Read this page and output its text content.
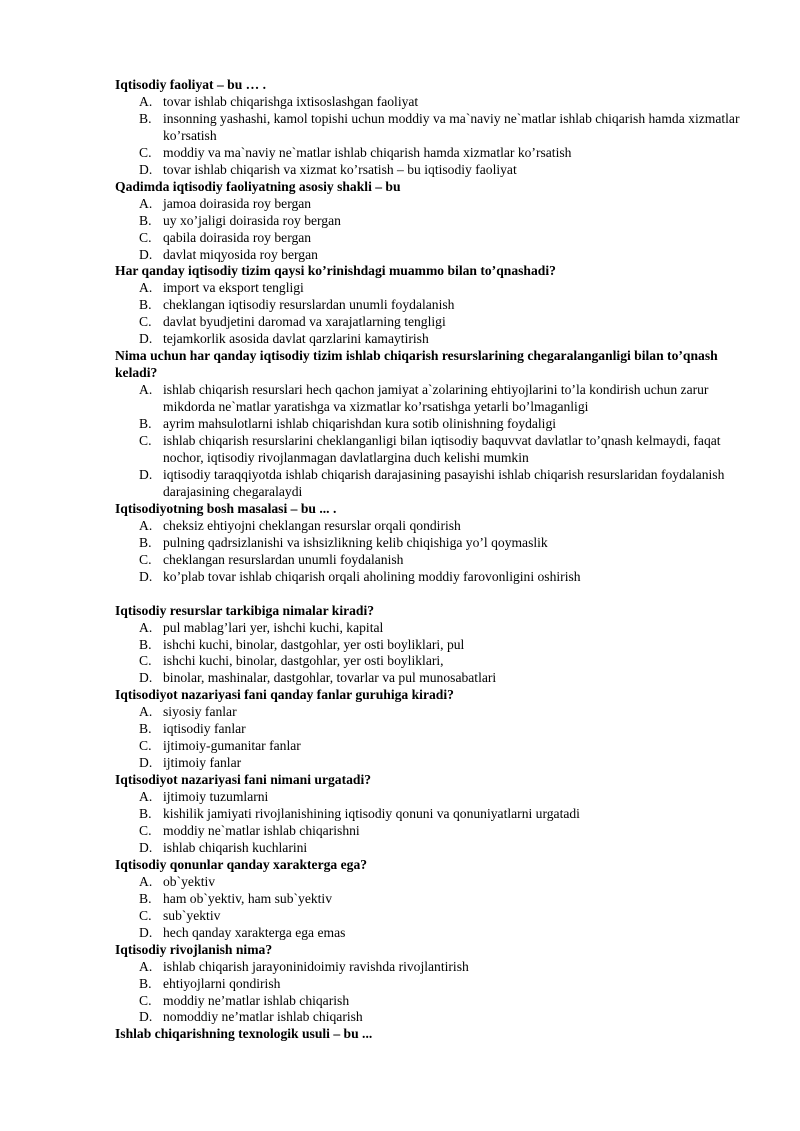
Iqtisodiy faoliyat – bu … .

A. tovar ishlab chiqarishga ixtisoslashgan faoliyat
B. insonning yashashi, kamol topishi uchun moddiy va ma`naviy ne`matlar ishlab chiqarish hamda xizmatlar ko’rsatish
C. moddiy va ma`naviy ne`matlar ishlab chiqarish hamda xizmatlar ko’rsatish
D. tovar ishlab chiqarish va xizmat ko’rsatish – bu iqtisodiy faoliyat

Qadimda iqtisodiy faoliyatning asosiy shakli – bu

A. jamoa doirasida roy bergan
B. uy xo’jaligi doirasida roy bergan
C. qabila doirasida roy bergan
D. davlat miqyosida roy bergan

Har qanday iqtisodiy tizim qaysi ko’rinishdagi muammo bilan to’qnashadi?

A. import va eksport tengligi
B. cheklangan iqtisodiy resurslardan unumli foydalanish
C. davlat byudjetini daromad va xarajatlarning tengligi
D. tejamkorlik asosida davlat qarzlarini kamaytirish

Nima uchun har qanday iqtisodiy tizim ishlab chiqarish resurslarining chegaralanganligi bilan to’qnash keladi?

A. ishlab chiqarish resurslari hech qachon jamiyat a`zolarining ehtiyojlarini to’la kondirish uchun zarur mikdorda ne`matlar yaratishga va xizmatlar ko’rsatishga yetarli bo’lmaganligi
B. ayrim mahsulotlarni ishlab chiqarishdan kura sotib olinishning foydaligi
C. ishlab chiqarish resurslarini cheklanganligi bilan iqtisodiy baquvvat davlatlar to’qnash kelmaydi, faqat nochor, iqtisodiy rivojlanmagan davlatlargina duch kelishi mumkin
D. iqtisodiy taraqqiyotda ishlab chiqarish darajasining pasayishi ishlab chiqarish resurslaridan foydalanish darajasining chegaralaydi

Iqtisodiyotning bosh masalasi – bu ... .

A. cheksiz ehtiyojni cheklangan resurslar orqali qondirish
B. pulning qadrsizlanishi va ishsizlikning kelib chiqishiga yo’l qoymaslik
C. cheklangan resurslardan unumli foydalanish
D. ko’plab tovar ishlab chiqarish orqali aholining moddiy farovonligini oshirish

Iqtisodiy resurslar tarkibiga nimalar kiradi?

A. pul mablag’lari yer, ishchi kuchi, kapital
B. ishchi kuchi, binolar, dastgohlar, yer osti boyliklari, pul
C. ishchi kuchi, binolar, dastgohlar, yer osti boyliklari,
D. binolar, mashinalar, dastgohlar, tovarlar va pul munosabatlari

Iqtisodiyot nazariyasi fani qanday fanlar guruhiga kiradi?

A. siyosiy fanlar
B. iqtisodiy fanlar
C. ijtimoiy-gumanitar fanlar
D. ijtimoiy fanlar

Iqtisodiyot nazariyasi fani nimani urgatadi?

A. ijtimoiy tuzumlarni
B. kishilik jamiyati rivojlanishining iqtisodiy qonuni va qonuniyatlarni urgatadi
C. moddiy ne`matlar ishlab chiqarishni
D. ishlab chiqarish kuchlarini

Iqtisodiy qonunlar qanday xarakterga ega?

A. ob`yektiv
B. ham ob`yektiv, ham sub`yektiv
C. sub`yektiv
D. hech qanday xarakterga ega emas

Iqtisodiy rivojlanish nima?

A. ishlab chiqarish jarayoninidoimiy ravishda rivojlantirish
B. ehtiyojlarni qondirish
C. moddiy ne’matlar ishlab chiqarish
D. nomoddiy ne’matlar ishlab chiqarish

Ishlab chiqarishning texnologik usuli – bu ...
